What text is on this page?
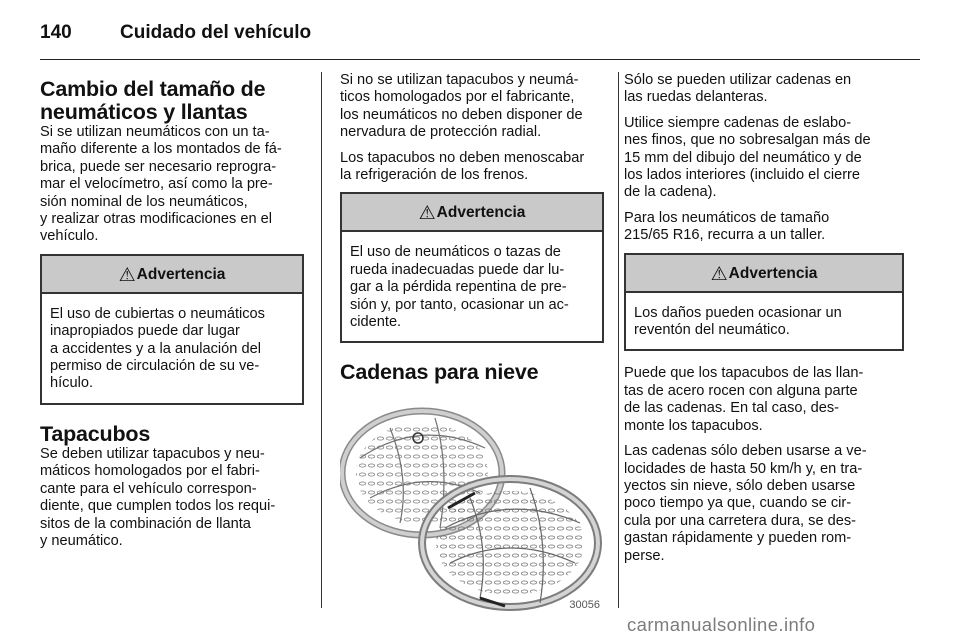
140	Cuidado del vehículo
Cambio del tamaño de
neumáticos y llantas

Si se utilizan neumáticos con un ta-
maño diferente a los montados de fá-
brica, puede ser necesario reprogra-
mar el velocímetro, así como la pre-
sión nominal de los neumáticos,
y realizar otras modificaciones en el
vehículo.

⚠Advertencia
El uso de cubiertas o neumáticos
inapropiados puede dar lugar
a accidentes y a la anulación del
permiso de circulación de su ve-
hículo.
Tapacubos

Se deben utilizar tapacubos y neu-
máticos homologados por el fabri-
cante para el vehículo correspon-
diente, que cumplen todos los requi-
sitos de la combinación de llanta
y neumático.

Si no se utilizan tapacubos y neumá-
ticos homologados por el fabricante,
los neumáticos no deben disponer de
nervadura de protección radial.

Los tapacubos no deben menoscabar
la refrigeración de los frenos.

⚠Advertencia
El uso de neumáticos o tazas de
rueda inadecuadas puede dar lu-
gar a la pérdida repentina de pre-
sión y, por tanto, ocasionar un ac-
cidente.
Cadenas para nieve
30056

Sólo se pueden utilizar cadenas en
las ruedas delanteras.

Utilice siempre cadenas de eslabo-
nes finos, que no sobresalgan más de
15 mm del dibujo del neumático y de
los lados interiores (incluido el cierre
de la cadena).

Para los neumáticos de tamaño
215/65 R16, recurra a un taller.

⚠Advertencia
Los daños pueden ocasionar un
reventón del neumático.

Puede que los tapacubos de las llan-
tas de acero rocen con alguna parte
de las cadenas. En tal caso, des-
monte los tapacubos.

Las cadenas sólo deben usarse a ve-
locidades de hasta 50 km/h y, en tra-
yectos sin nieve, sólo deben usarse
poco tiempo ya que, cuando se cir-
cula por una carretera dura, se des-
gastan rápidamente y pueden rom-
perse.

carmanualsonline.info
